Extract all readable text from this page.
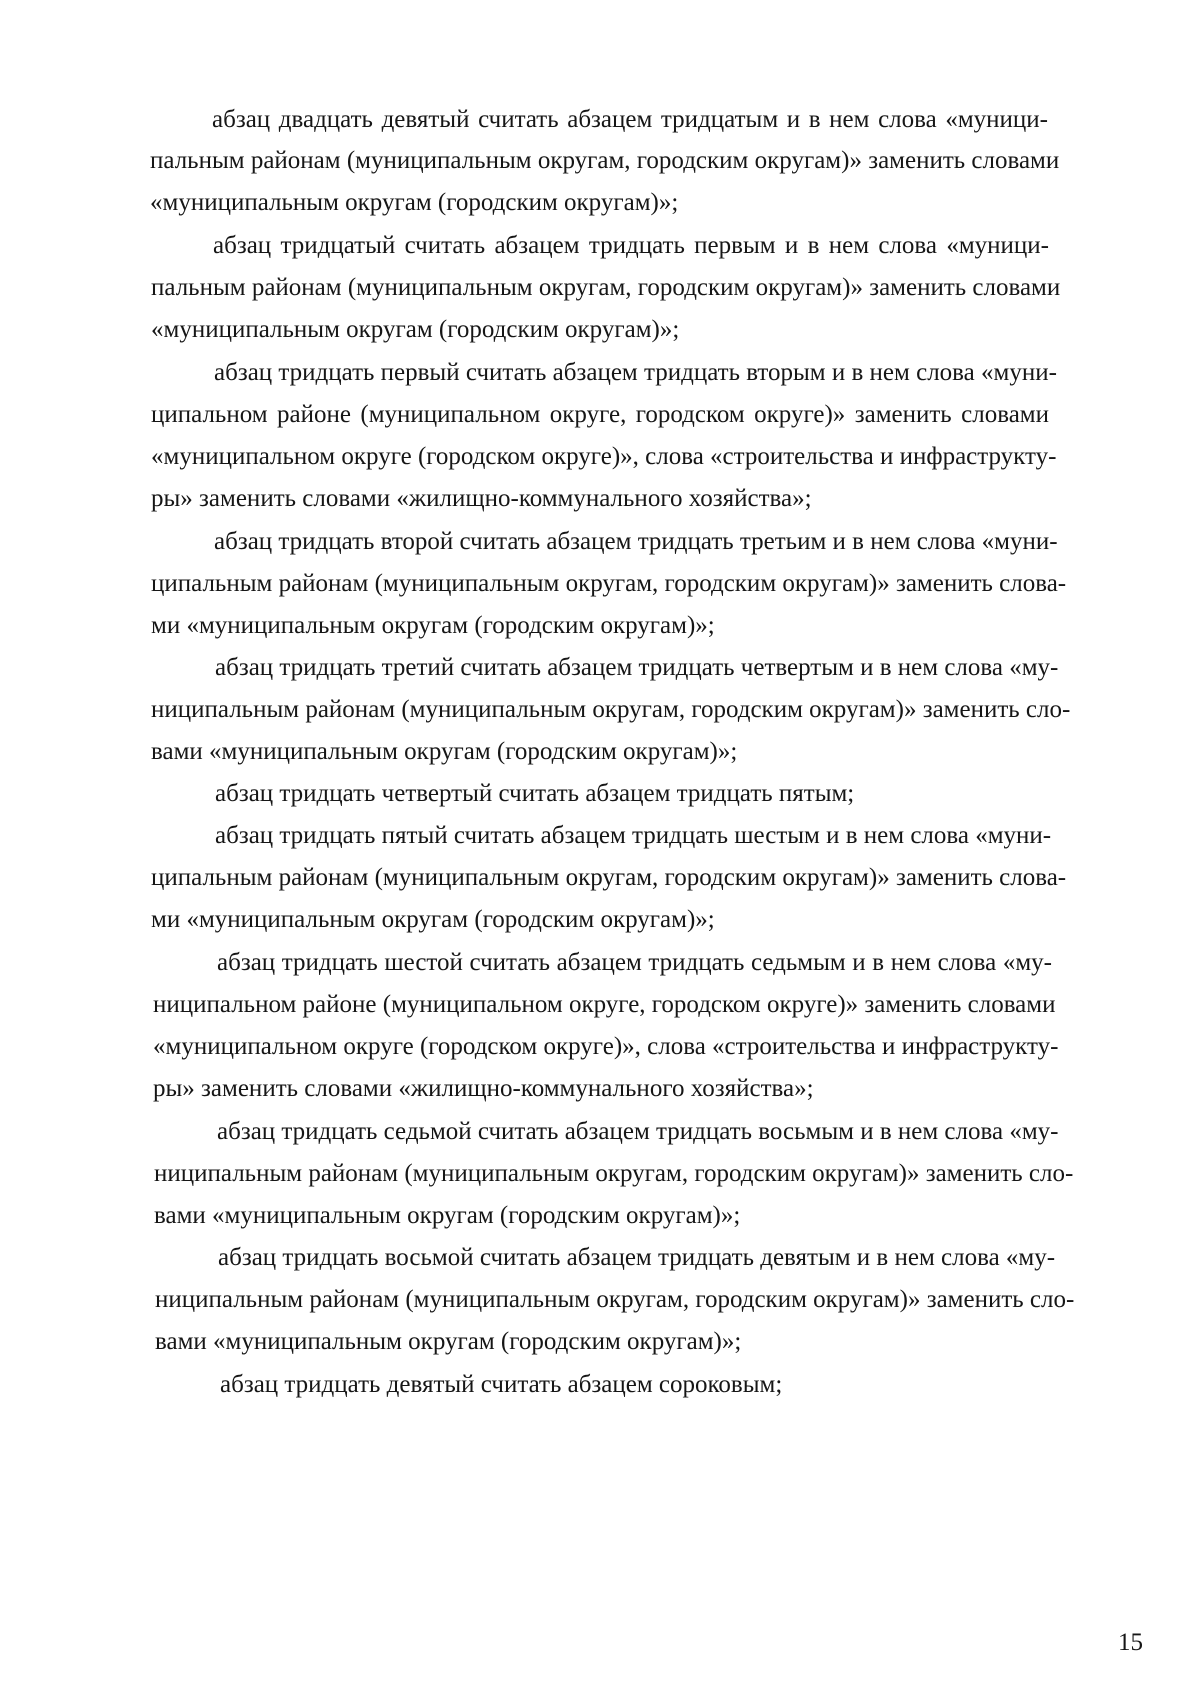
абзац двадцать девятый считать абзацем тридцатым и в нем слова «муници-
пальным районам (муниципальным округам, городским округам)» заменить словами
«муниципальным округам (городским округам)»;
абзац тридцатый считать абзацем тридцать первым и в нем слова «муници-
пальным районам (муниципальным округам, городским округам)» заменить словами
«муниципальным округам (городским округам)»;
абзац тридцать первый считать абзацем тридцать вторым и в нем слова «муни-
ципальном районе (муниципальном округе, городском округе)» заменить словами
«муниципальном округе (городском округе)», слова «строительства и инфраструкту-
ры» заменить словами «жилищно-коммунального хозяйства»;
абзац тридцать второй считать абзацем тридцать третьим и в нем слова «муни-
ципальным районам (муниципальным округам, городским округам)» заменить слова-
ми «муниципальным округам (городским округам)»;
абзац тридцать третий считать абзацем тридцать четвертым и в нем слова «му-
ниципальным районам (муниципальным округам, городским округам)» заменить сло-
вами «муниципальным округам (городским округам)»;
абзац тридцать четвертый считать абзацем тридцать пятым;
абзац тридцать пятый считать абзацем тридцать шестым и в нем слова «муни-
ципальным районам (муниципальным округам, городским округам)» заменить слова-
ми «муниципальным округам (городским округам)»;
абзац тридцать шестой считать абзацем тридцать седьмым и в нем слова «му-
ниципальном районе (муниципальном округе, городском округе)» заменить словами
«муниципальном округе (городском округе)», слова «строительства и инфраструкту-
ры» заменить словами «жилищно-коммунального хозяйства»;
абзац тридцать седьмой считать абзацем тридцать восьмым и в нем слова «му-
ниципальным районам (муниципальным округам, городским округам)» заменить сло-
вами «муниципальным округам (городским округам)»;
абзац тридцать восьмой считать абзацем тридцать девятым и в нем слова «му-
ниципальным районам (муниципальным округам, городским округам)» заменить сло-
вами «муниципальным округам (городским округам)»;
абзац тридцать девятый считать абзацем сороковым;
15
